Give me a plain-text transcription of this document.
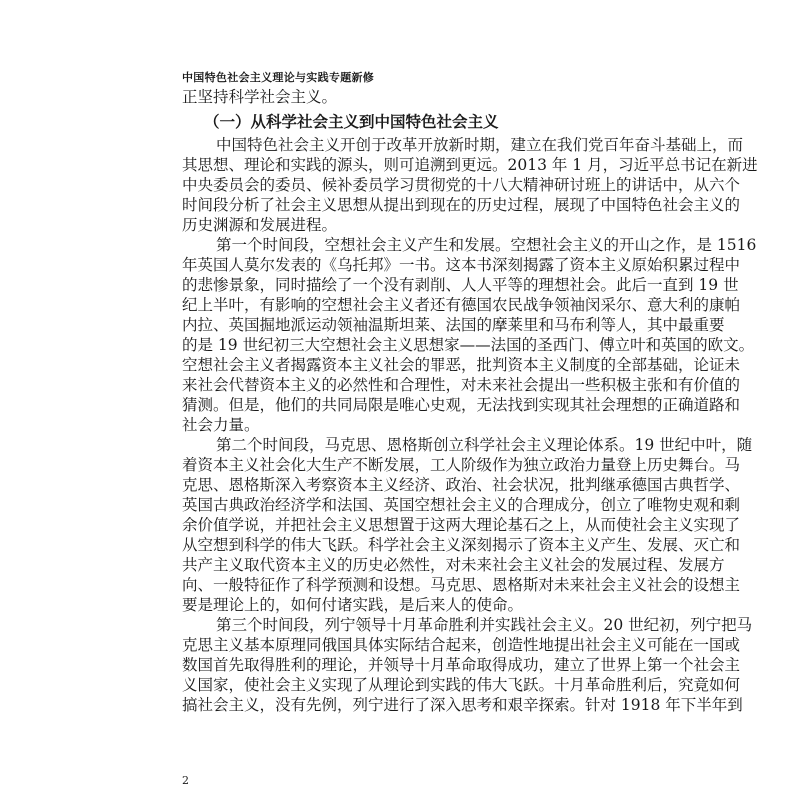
中国特色社会主义理论与实践专题新修
正坚持科学社会主义。
（一）从科学社会主义到中国特色社会主义
中国特色社会主义开创于改革开放新时期，建立在我们党百年奋斗基础上，而
其思想、理论和实践的源头，则可追溯到更远。2013 年 1 月，习近平总书记在新进
中央委员会的委员、候补委员学习贯彻党的十八大精神研讨班上的讲话中，从六个
时间段分析了社会主义思想从提出到现在的历史过程，展现了中国特色社会主义的
历史渊源和发展进程。
第一个时间段，空想社会主义产生和发展。空想社会主义的开山之作，是 1516
年英国人莫尔发表的《乌托邦》一书。这本书深刻揭露了资本主义原始积累过程中
的悲惨景象，同时描绘了一个没有剥削、人人平等的理想社会。此后一直到 19 世
纪上半叶，有影响的空想社会主义者还有德国农民战争领袖闵采尔、意大利的康帕
内拉、英国掘地派运动领袖温斯坦莱、法国的摩莱里和马布利等人，其中最重要
的是 19 世纪初三大空想社会主义思想家——法国的圣西门、傅立叶和英国的欧文。
空想社会主义者揭露资本主义社会的罪恶，批判资本主义制度的全部基础，论证未
来社会代替资本主义的必然性和合理性，对未来社会提出一些积极主张和有价值的
猜测。但是，他们的共同局限是唯心史观，无法找到实现其社会理想的正确道路和
社会力量。
第二个时间段，马克思、恩格斯创立科学社会主义理论体系。19 世纪中叶，随
着资本主义社会化大生产不断发展，工人阶级作为独立政治力量登上历史舞台。马
克思、恩格斯深入考察资本主义经济、政治、社会状况，批判继承德国古典哲学、
英国古典政治经济学和法国、英国空想社会主义的合理成分，创立了唯物史观和剩
余价值学说，并把社会主义思想置于这两大理论基石之上，从而使社会主义实现了
从空想到科学的伟大飞跃。科学社会主义深刻揭示了资本主义产生、发展、灭亡和
共产主义取代资本主义的历史必然性，对未来社会主义社会的发展过程、发展方
向、一般特征作了科学预测和设想。马克思、恩格斯对未来社会主义社会的设想主
要是理论上的，如何付诸实践，是后来人的使命。
第三个时间段，列宁领导十月革命胜利并实践社会主义。20 世纪初，列宁把马
克思主义基本原理同俄国具体实际结合起来，创造性地提出社会主义可能在一国或
数国首先取得胜利的理论，并领导十月革命取得成功，建立了世界上第一个社会主
义国家，使社会主义实现了从理论到实践的伟大飞跃。十月革命胜利后，究竟如何
搞社会主义，没有先例，列宁进行了深入思考和艰辛探索。针对 1918 年下半年到
2
